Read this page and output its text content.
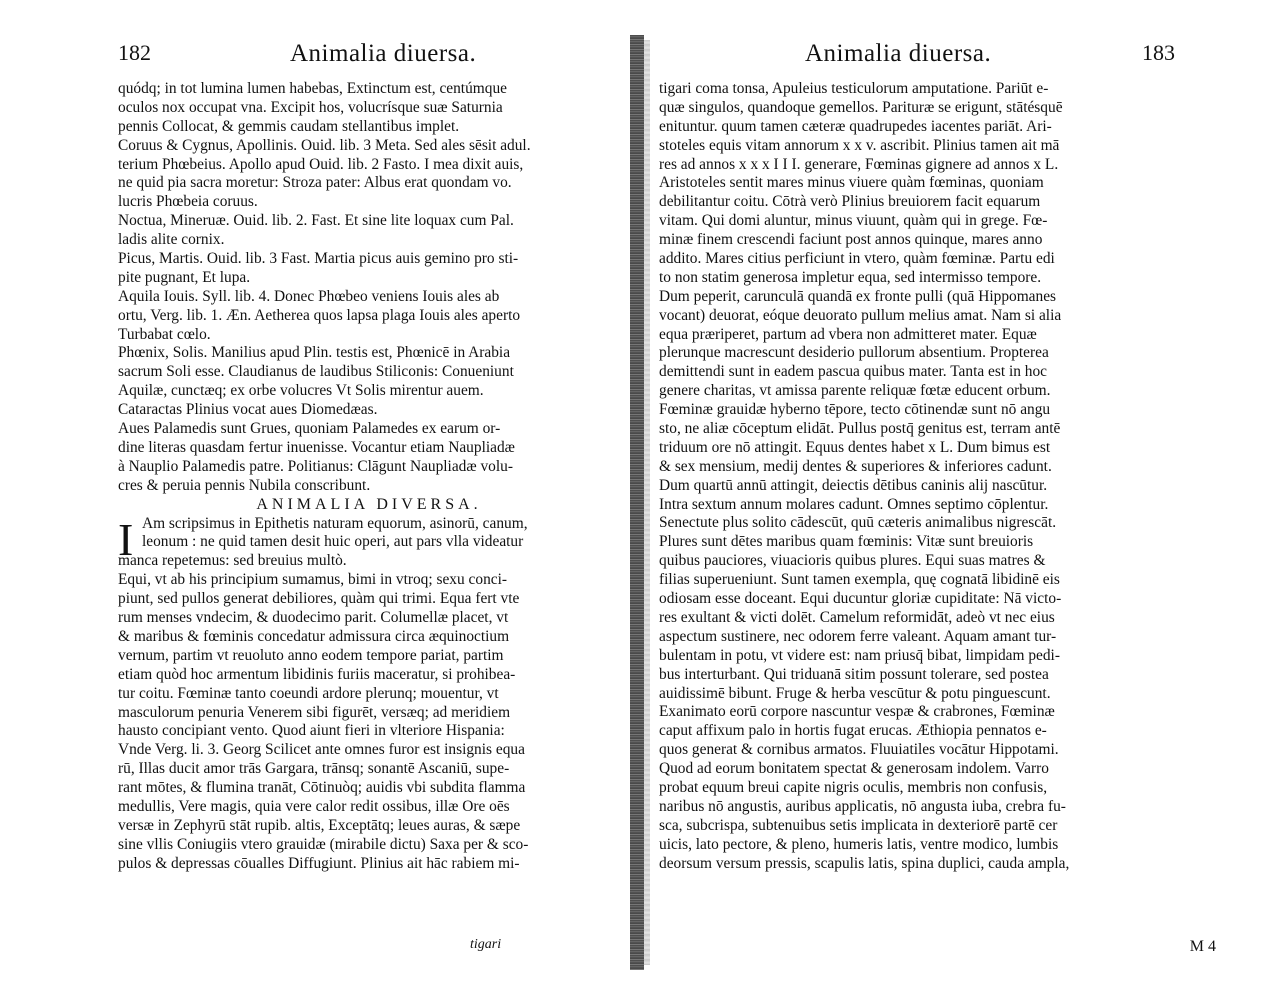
182	Animalia diuersa.
quódq; in tot lumina lumen habebas, Extinctum est, centúmque
oculos nox occupat vna. Excipit hos, volucrísque suæ Saturnia
pennis Collocat, & gemmis caudam stellantibus implet.
Coruus & Cygnus, Apollinis. Ouid. lib. 3 Meta. Sed ales sēsit adul.
terium Phœbeius. Apollo apud Ouid. lib. 2 Fasto. I mea dixit auis,
ne quid pia sacra moretur: Stroza pater: Albus erat quondam vo.
lucris Phœbeia coruus.
Noctua, Mineruæ. Ouid. lib. 2. Fast. Et sine lite loquax cum Pal.
ladis alite cornix.
Picus, Martis. Ouid. lib. 3 Fast. Martia picus auis gemino pro sti-
pite pugnant, Et lupa.
Aquila Iouis. Syll. lib. 4. Donec Phœbeo veniens Iouis ales ab
ortu, Verg. lib. 1. Æn. Aetherea quos lapsa plaga Iouis ales aperto
Turbabat cœlo.
Phœnix, Solis. Manilius apud Plin. testis est, Phœnicē in Arabia
sacrum Soli esse. Claudianus de laudibus Stiliconis: Conueniunt
Aquilæ, cunctæq; ex orbe volucres Vt Solis mirentur auem.
Cataractas Plinius vocat aues Diomedæas.
Aues Palamedis sunt Grues, quoniam Palamedes ex earum or-
dine literas quasdam fertur inuenisse. Vocantur etiam Naupliadæ
à Nauplio Palamedis patre. Politianus: Clāgunt Naupliadæ volu-
cres & peruia pennis Nubila conscribunt.
ANIMALIA DIVERSA.
I Am scripsimus in Epithetis naturam equorum, asinorū, canum,
leonum : ne quid tamen desit huic operi, aut pars vlla videatur
manca repetemus: sed breuius multò.
Equi, vt ab his principium sumamus, bimi in vtroq; sexu conci-
piunt, sed pullos generat debiliores, quàm qui trimi. Equa fert vte
rum menses vndecim, & duodecimo parit. Columellæ placet, vt
& maribus & fœminis concedatur admissura circa æquinoctium
vernum, partim vt reuoluto anno eodem tempore pariat, partim
etiam quòd hoc armentum libidinis furiis maceratur, si prohibea-
tur coitu. Fœminæ tanto coeundi ardore plerunq; mouentur, vt
masculorum penuria Venerem sibi figurēt, versæq; ad meridiem
hausto concipiant vento. Quod aiunt fieri in vlteriore Hispania:
Vnde Verg. li. 3. Georg Scilicet ante omnes furor est insignis equa
rū, Illas ducit amor trās Gargara, trānsq; sonantē Ascaniū, supe-
rant mōtes, & flumina tranāt, Cōtinuòq; auidis vbi subdita flamma
medullis, Vere magis, quia vere calor redit ossibus, illæ Ore oēs
versæ in Zephyrū stāt rupib. altis, Exceptātq; leues auras, & sæpe
sine vllis Coniugiis vtero grauidæ (mirabile dictu) Saxa per & sco-
pulos & depressas cōualles Diffugiunt. Plinius ait hāc rabiem mi-
tigari
Animalia diuersa.	183
tigari coma tonsa, Apuleius testiculorum amputatione. Pariūt e-
quæ singulos, quandoque gemellos. Parituræ se erigunt, stātésquē
enituntur. quum tamen cæteræ quadrupedes iacentes pariāt. Ari-
stoteles equis vitam annorum x x v. ascribit. Plinius tamen ait mā
res ad annos x x x I I I. generare, Fœminas gignere ad annos x L.
Aristoteles sentit mares minus viuere quàm fœminas, quoniam
debilitantur coitu. Cōtrà verò Plinius breuiorem facit equarum
vitam. Qui domi aluntur, minus viuunt, quàm qui in grege. Fœ-
minæ finem crescendi faciunt post annos quinque, mares anno
addito. Mares citius perficiunt in vtero, quàm fœminæ. Partu edi
to non statim generosa impletur equa, sed intermisso tempore.
Dum peperit, carunculā quandā ex fronte pulli (quā Hippomanes
vocant) deuorat, eóque deuorato pullum melius amat. Nam si alia
equa præriperet, partum ad vbera non admitteret mater. Equæ
plerunque macrescunt desiderio pullorum absentium. Propterea
demittendi sunt in eadem pascua quibus mater. Tanta est in hoc
genere charitas, vt amissa parente reliquæ fœtæ educent orbum.
Fœminæ grauidæ hyberno tēpore, tecto cōtinendæ sunt nō angu
sto, ne aliæ cōceptum elidāt. Pullus postq̄ genitus est, terram antē
triduum ore nō attingit. Equus dentes habet x L. Dum bimus est
& sex mensium, medij dentes & superiores & inferiores cadunt.
Dum quartū annū attingit, deiectis dētibus caninis alij nascūtur.
Intra sextum annum molares cadunt. Omnes septimo cōplentur.
Senectute plus solito cādescūt, quū cæteris animalibus nigrescāt.
Plures sunt dētes maribus quam fœminis: Vitæ sunt breuioris
quibus pauciores, viuacioris quibus plures. Equi suas matres &
filias superueniunt. Sunt tamen exempla, quę cognatā libidinē eis
odiosam esse doceant. Equi ducuntur gloriæ cupiditate: Nā victo-
res exultant & victi dolēt. Camelum reformidāt, adeò vt nec eius
aspectum sustinere, nec odorem ferre valeant. Aquam amant tur-
bulentam in potu, vt videre est: nam priusq̄ bibat, limpidam pedi-
bus interturbant. Qui triduanā sitim possunt tolerare, sed postea
auidissimē bibunt. Fruge & herba vescūtur & potu pinguescunt.
Exanimato eorū corpore nascuntur vespæ & crabrones, Fœminæ
caput affixum palo in hortis fugat erucas. Æthiopia pennatos e-
quos generat & cornibus armatos. Fluuiatiles vocātur Hippotami.
Quod ad eorum bonitatem spectat & generosam indolem. Varro
probat equum breui capite nigris oculis, membris non confusis,
naribus nō angustis, auribus applicatis, nō angusta iuba, crebra fu-
sca, subcrispa, subtenuibus setis implicata in dexteriorē partē cer
uicis, lato pectore, & pleno, humeris latis, ventre modico, lumbis
deorsum versum pressis, scapulis latis, spina duplici, cauda ampla,
M 4
